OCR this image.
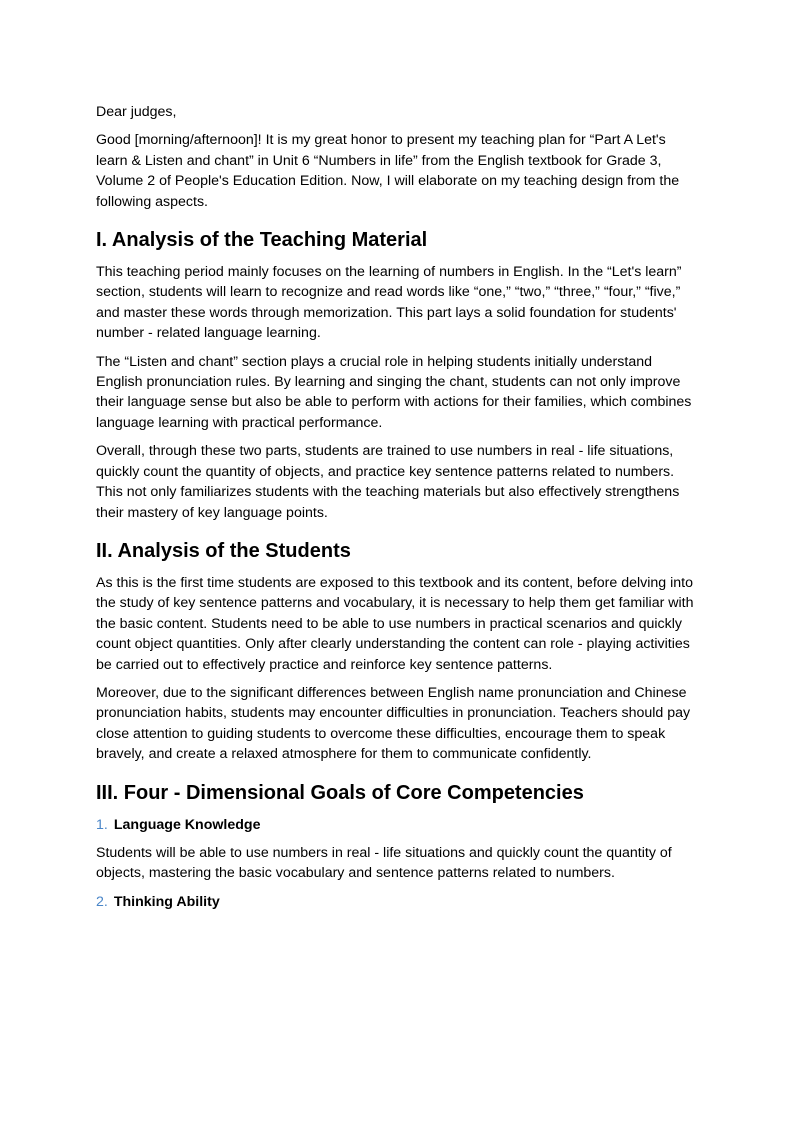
Dear judges,

Good [morning/afternoon]! It is my great honor to present my teaching plan for “Part A Let's learn & Listen and chant” in Unit 6 “Numbers in life” from the English textbook for Grade 3, Volume 2 of People's Education Edition. Now, I will elaborate on my teaching design from the following aspects.

I. Analysis of the Teaching Material

This teaching period mainly focuses on the learning of numbers in English. In the “Let's learn” section, students will learn to recognize and read words like “one,” “two,” “three,” “four,” “five,” and master these words through memorization. This part lays a solid foundation for students' number - related language learning.

The “Listen and chant” section plays a crucial role in helping students initially understand English pronunciation rules. By learning and singing the chant, students can not only improve their language sense but also be able to perform with actions for their families, which combines language learning with practical performance.

Overall, through these two parts, students are trained to use numbers in real - life situations, quickly count the quantity of objects, and practice key sentence patterns related to numbers. This not only familiarizes students with the teaching materials but also effectively strengthens their mastery of key language points.

II. Analysis of the Students

As this is the first time students are exposed to this textbook and its content, before delving into the study of key sentence patterns and vocabulary, it is necessary to help them get familiar with the basic content. Students need to be able to use numbers in practical scenarios and quickly count object quantities. Only after clearly understanding the content can role - playing activities be carried out to effectively practice and reinforce key sentence patterns.

Moreover, due to the significant differences between English name pronunciation and Chinese pronunciation habits, students may encounter difficulties in pronunciation. Teachers should pay close attention to guiding students to overcome these difficulties, encourage them to speak bravely, and create a relaxed atmosphere for them to communicate confidently.

III. Four - Dimensional Goals of Core Competencies
1. Language Knowledge

Students will be able to use numbers in real - life situations and quickly count the quantity of objects, mastering the basic vocabulary and sentence patterns related to numbers.

2. Thinking Ability
